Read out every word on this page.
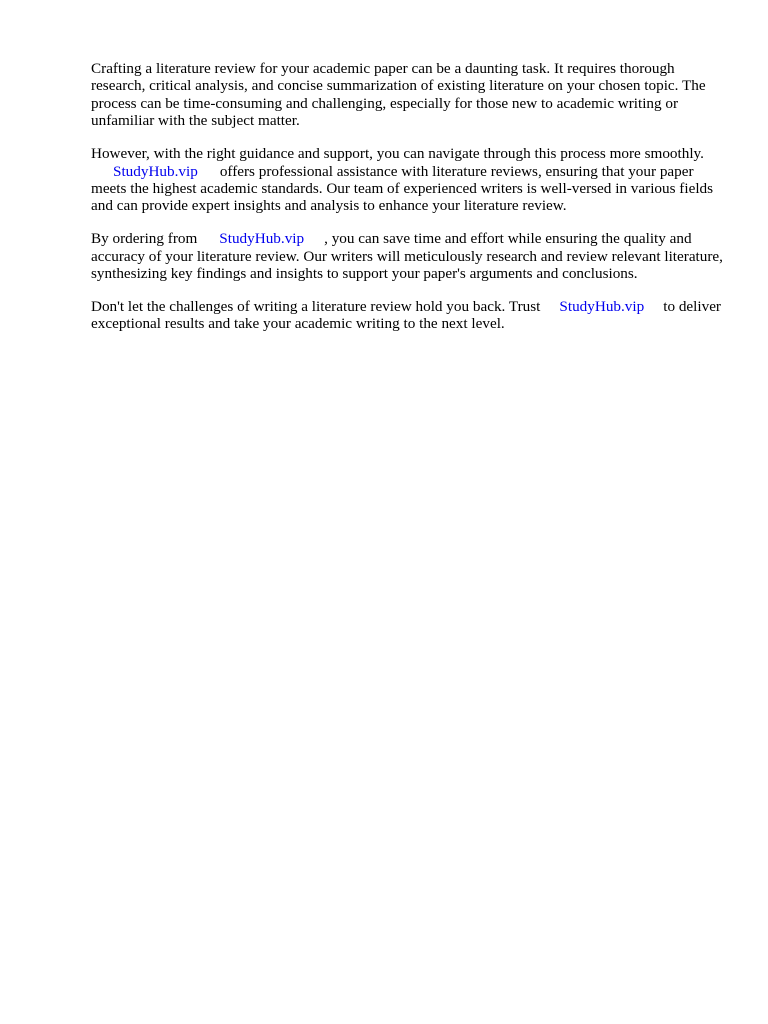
Crafting a literature review for your academic paper can be a daunting task. It requires thorough research, critical analysis, and concise summarization of existing literature on your chosen topic. The process can be time-consuming and challenging, especially for those new to academic writing or unfamiliar with the subject matter.

However, with the right guidance and support, you can navigate through this process more smoothly.
StudyHub.vip offers professional assistance with literature reviews, ensuring that your paper meets the highest academic standards. Our team of experienced writers is well-versed in various fields and can provide expert insights and analysis to enhance your literature review.

By ordering from StudyHub.vip , you can save time and effort while ensuring the quality and accuracy of your literature review. Our writers will meticulously research and review relevant literature, synthesizing key findings and insights to support your paper's arguments and conclusions.

Don't let the challenges of writing a literature review hold you back. Trust StudyHub.vip to deliver exceptional results and take your academic writing to the next level.
